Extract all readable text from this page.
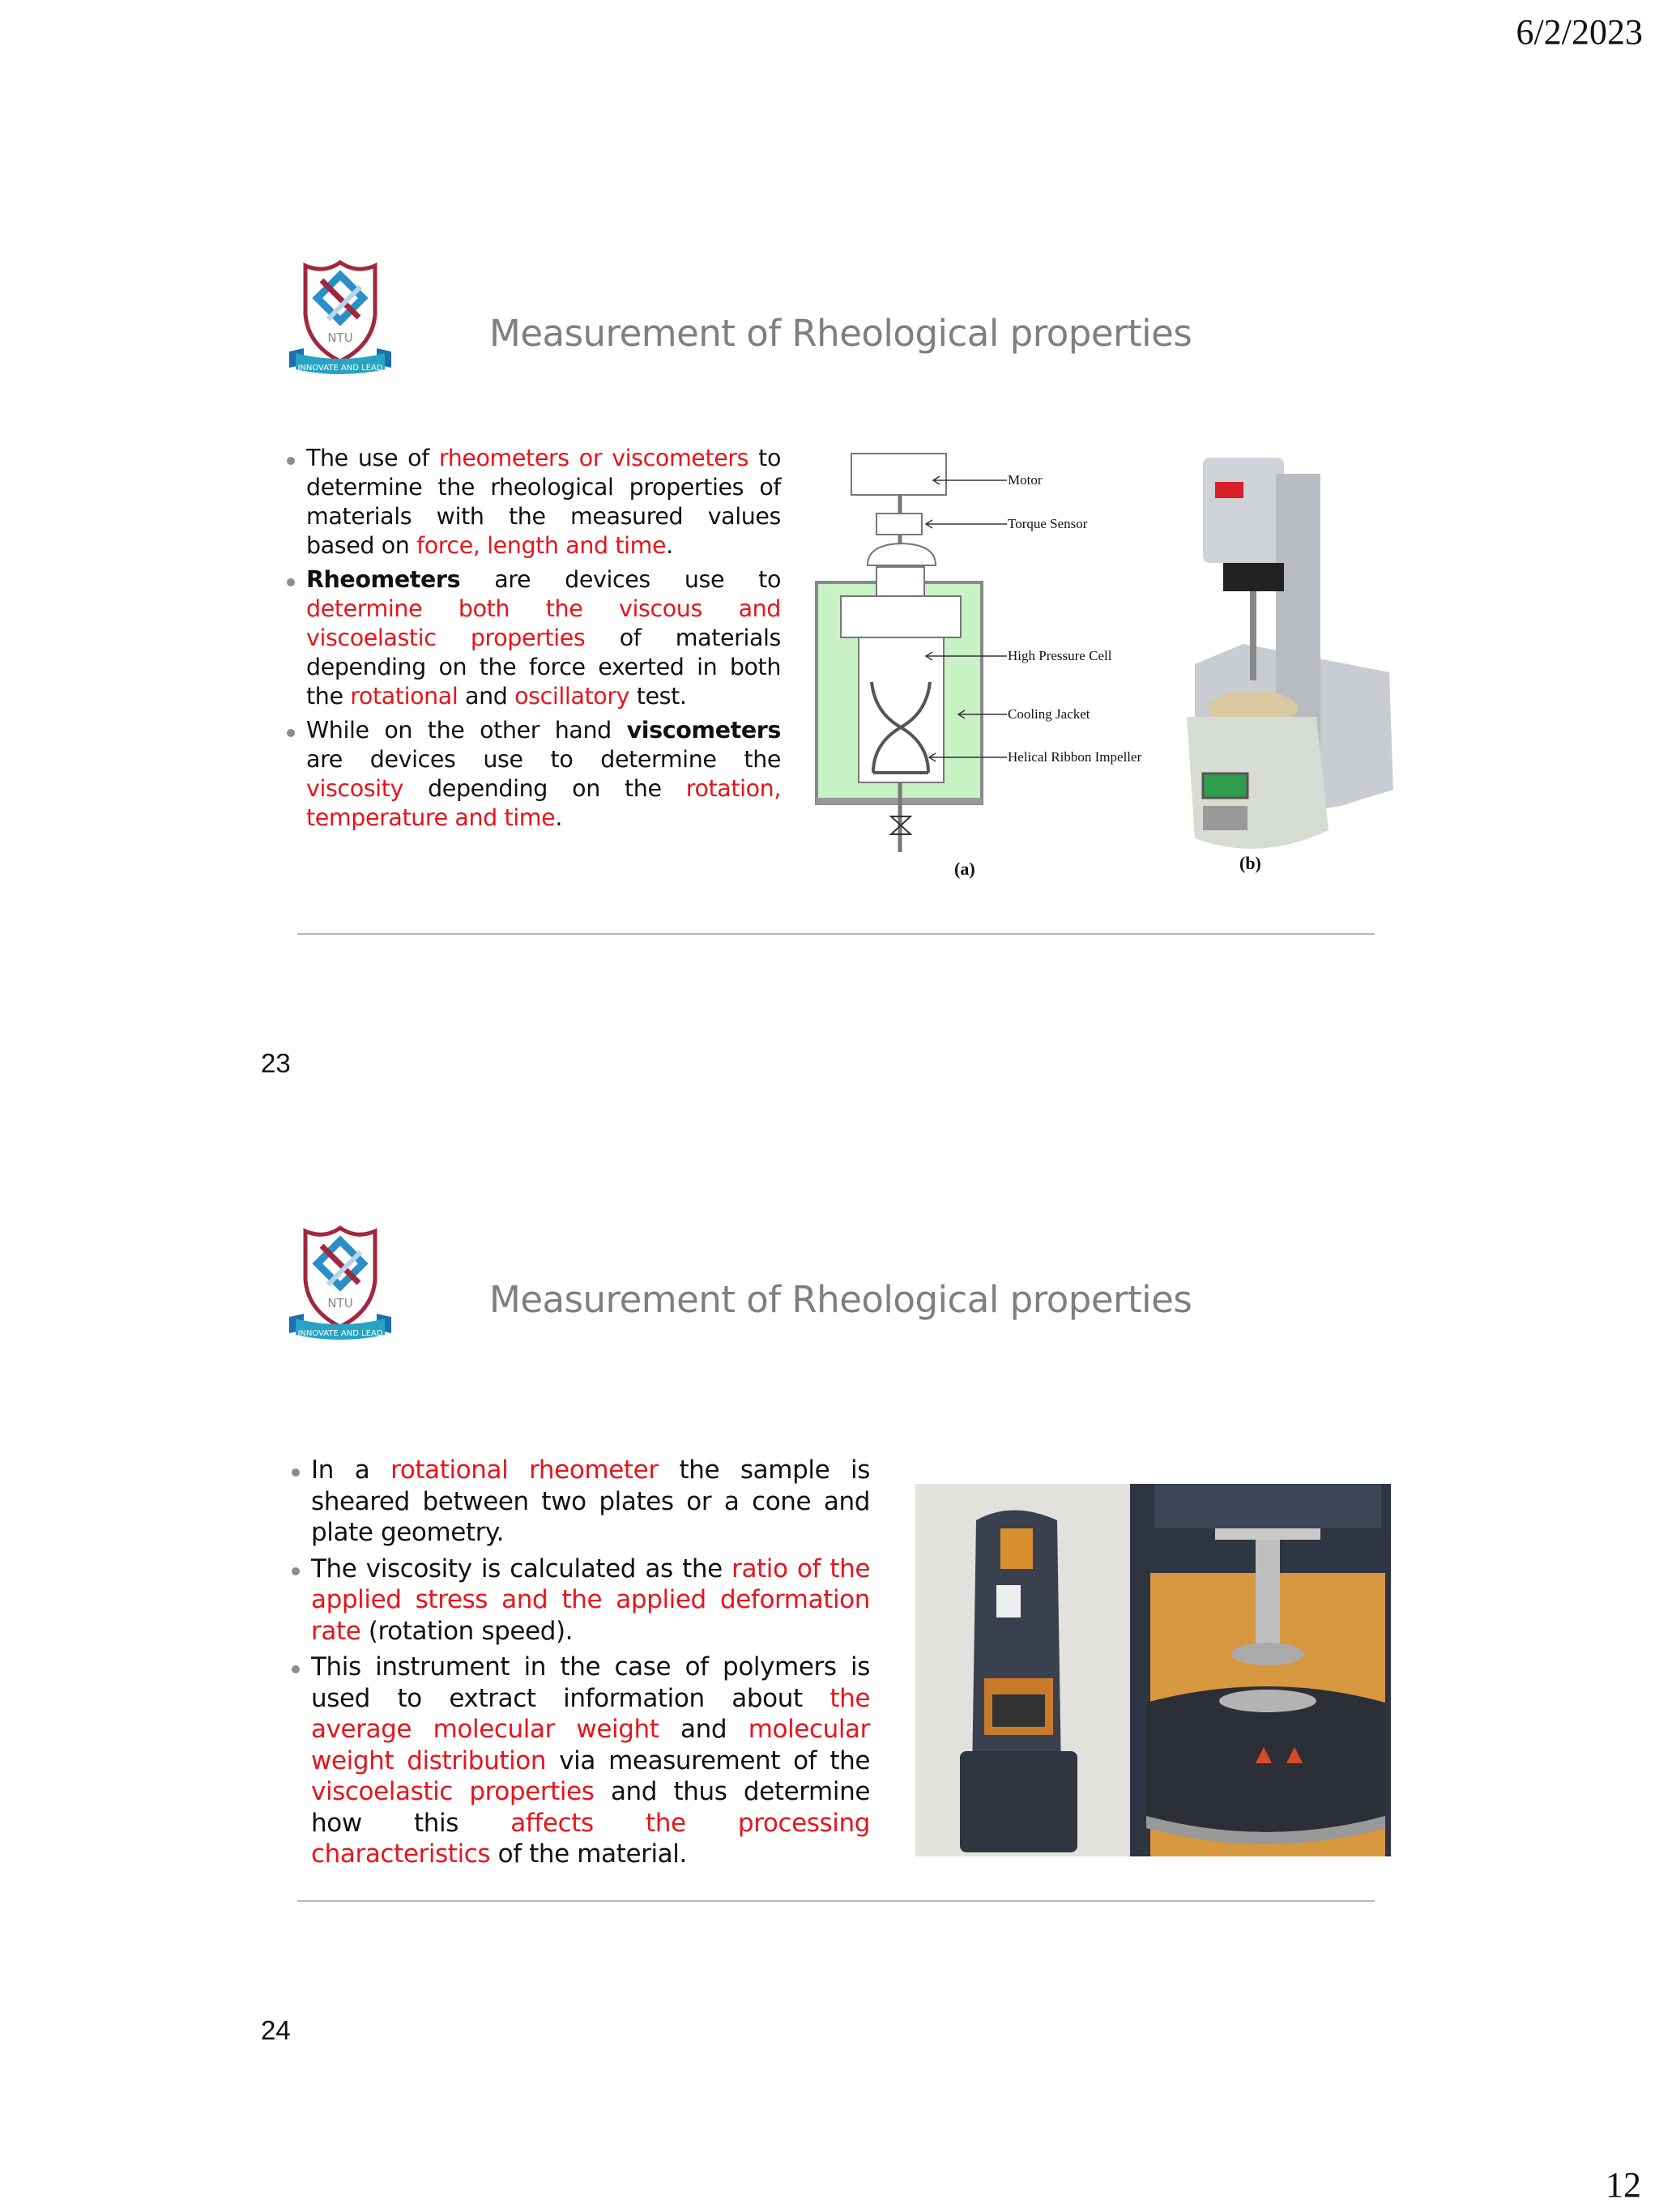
6/2/2023
NTU
INNOVATE AND LEAD
Measurement of Rheological properties
The use of rheometers or viscometers to determine the rheological properties of materials with the measured values based on force, length and time.
Rheometers are devices use to determine both the viscous and viscoelastic properties of materials depending on the force exerted in both the rotational and oscillatory test.
While on the other hand viscometers are devices use to determine the viscosity depending on the rotation, temperature and time.
Motor
Torque Sensor
High Pressure Cell
Cooling Jacket
Helical Ribbon Impeller
(a)	(b)
23
NTU
INNOVATE AND LEAD
Measurement of Rheological properties
In a rotational rheometer the sample is sheared between two plates or a cone and plate geometry.
The viscosity is calculated as the ratio of the applied stress and the applied deformation rate (rotation speed).
This instrument in the case of polymers is used to extract information about the average molecular weight and molecular weight distribution via measurement of the viscoelastic properties and thus determine how this affects the processing characteristics of the material.
24
12
